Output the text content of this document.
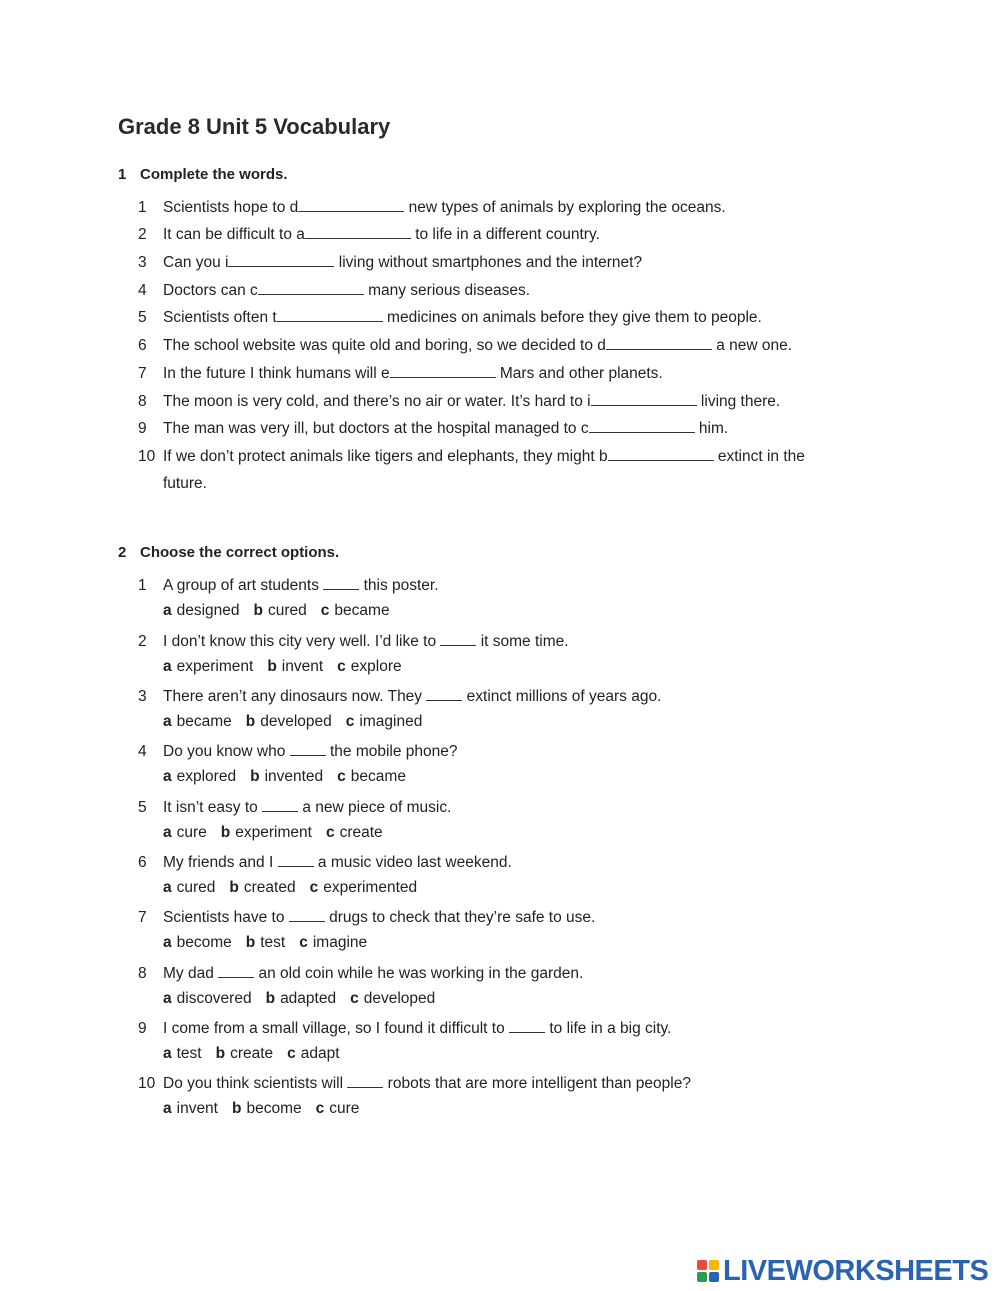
Grade 8 Unit 5 Vocabulary
1 Complete the words.
1 Scientists hope to d	new types of animals by exploring the oceans.
2 It can be difficult to a	to life in a different country.
3 Can you i	living without smartphones and the internet?
4 Doctors can c	many serious diseases.
5 Scientists often t	medicines on animals before they give them to people.
6 The school website was quite old and boring, so we decided to d	a new one.
7 In the future I think humans will e	Mars and other planets.
8 The moon is very cold, and there’s no air or water. It’s hard to i	living there.
9 The man was very ill, but doctors at the hospital managed to c	him.
10 If we don’t protect animals like tigers and elephants, they might b	extinct in the
future.
2 Choose the correct options.
1 A group of art students	this poster.
a designed b cured c became
2 I don’t know this city very well. I’d like to	it some time.
a experiment b invent c explore
3 There aren’t any dinosaurs now. They	extinct millions of years ago.
a became b developed c imagined
4 Do you know who	the mobile phone?
a explored b invented c became
5 It isn’t easy to	a new piece of music.
a cure b experiment c create
6 My friends and I	a music video last weekend.
a cured b created c experimented
7 Scientists have to	drugs to check that they’re safe to use.
a become b test c imagine
8 My dad	an old coin while he was working in the garden.
a discovered b adapted c developed
9 I come from a small village, so I found it difficult to	to life in a big city.
a test b create c adapt
10 Do you think scientists will	robots that are more intelligent than people?
a invent b become c cure
LIVEWORKSHEETS
